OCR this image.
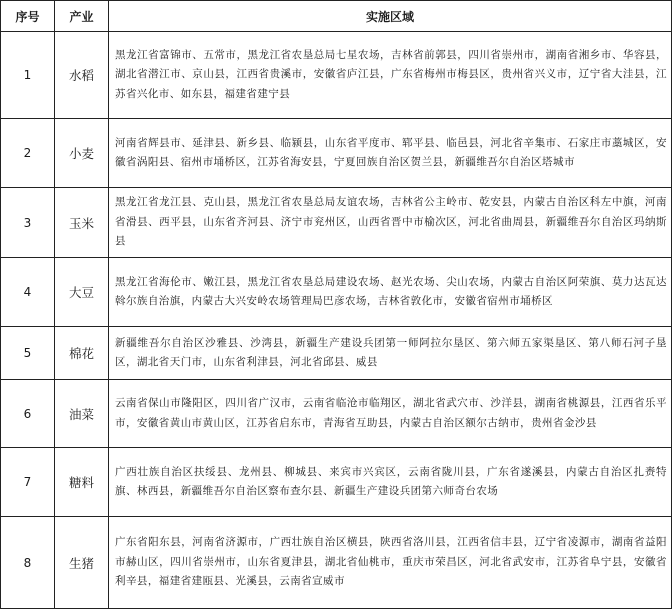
序号	产业	实施区域
1	水稻	黑龙江省富锦市、五常市，黑龙江省农垦总局七星农场，吉林省前郭县，四川省崇州市，湖南省湘乡市、华容县，湖北省潜江市、京山县，江西省贵溪市，安徽省庐江县，广东省梅州市梅县区，贵州省兴义市，辽宁省大洼县，江苏省兴化市、如东县，福建省建宁县
2	小麦	河南省辉县市、延津县、新乡县、临颍县，山东省平度市、郓平县、临邑县，河北省辛集市、石家庄市藁城区，安徽省涡阳县、宿州市埇桥区，江苏省海安县，宁夏回族自治区贺兰县，新疆维吾尔自治区塔城市
3	玉米	黑龙江省龙江县、克山县，黑龙江省农垦总局友谊农场，吉林省公主岭市、乾安县，内蒙古自治区科左中旗，河南省滑县、西平县，山东省齐河县、济宁市兖州区，山西省晋中市榆次区，河北省曲周县，新疆维吾尔自治区玛纳斯县
4	大豆	黑龙江省海伦市、嫩江县，黑龙江省农垦总局建设农场、赵光农场、尖山农场，内蒙古自治区阿荣旗、莫力达瓦达斡尔族自治旗，内蒙古大兴安岭农场管理局巴彦农场，吉林省敦化市，安徽省宿州市埇桥区
5	棉花	新疆维吾尔自治区沙雅县、沙湾县，新疆生产建设兵团第一师阿拉尔垦区、第六师五家渠垦区、第八师石河子垦区，湖北省天门市，山东省利津县，河北省邱县、威县
6	油菜	云南省保山市隆阳区，四川省广汉市，云南省临沧市临翔区，湖北省武穴市、沙洋县，湖南省桃源县，江西省乐平市，安徽省黄山市黄山区，江苏省启东市，青海省互助县，内蒙古自治区额尔古纳市，贵州省金沙县
7	糖料	广西壮族自治区扶绥县、龙州县、柳城县、来宾市兴宾区，云南省陇川县，广东省遂溪县，内蒙古自治区扎赉特旗、林西县，新疆维吾尔自治区察布查尔县、新疆生产建设兵团第六师奇台农场
8	生猪	广东省阳东县，河南省济源市，广西壮族自治区横县，陕西省洛川县，江西省信丰县，辽宁省凌源市，湖南省益阳市赫山区，四川省崇州市，山东省夏津县，湖北省仙桃市，重庆市荣昌区，河北省武安市，江苏省阜宁县，安徽省利辛县，福建省建瓯县、光溪县，云南省宣威市
